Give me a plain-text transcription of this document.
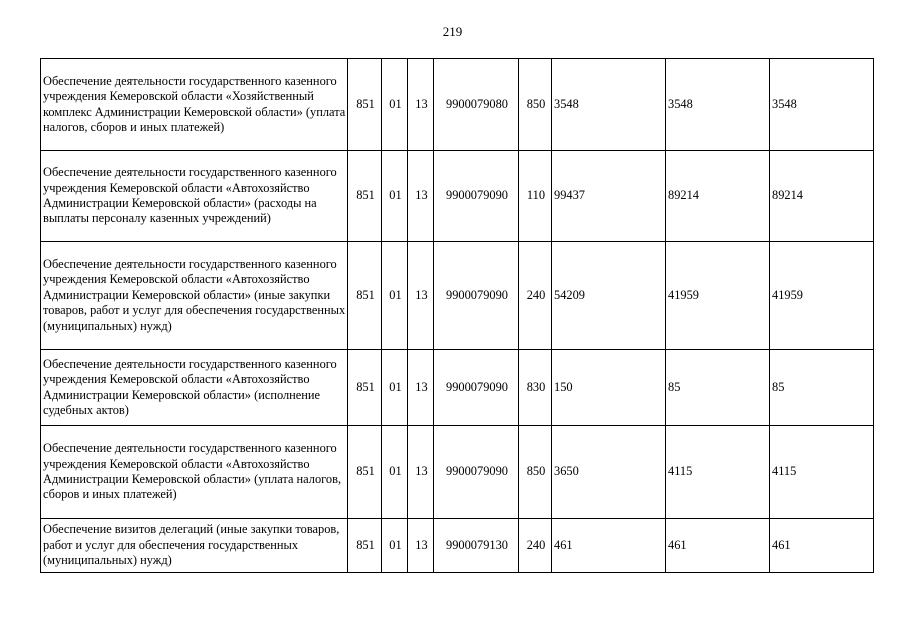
219
Обеспечение деятельности государственного казенного учреждения Кемеровской области «Хозяйственный комплекс Администрации Кемеровской области» (уплата налогов, сборов и иных платежей)	851	01	13	9900079080	850	3548	3548	3548
Обеспечение деятельности государственного казенного учреждения Кемеровской области «Автохозяйство Администрации Кемеровской области» (расходы на выплаты персоналу казенных учреждений)	851	01	13	9900079090	110	99437	89214	89214
Обеспечение деятельности государственного казенного учреждения Кемеровской области «Автохозяйство Администрации Кемеровской области» (иные закупки товаров, работ и услуг для обеспечения государственных (муниципальных) нужд)	851	01	13	9900079090	240	54209	41959	41959
Обеспечение деятельности государственного казенного учреждения Кемеровской области «Автохозяйство Администрации Кемеровской области» (исполнение судебных актов)	851	01	13	9900079090	830	150	85	85
Обеспечение деятельности государственного казенного учреждения Кемеровской области «Автохозяйство Администрации Кемеровской области» (уплата налогов, сборов и иных платежей)	851	01	13	9900079090	850	3650	4115	4115
Обеспечение визитов делегаций (иные закупки товаров, работ и услуг для обеспечения государственных (муниципальных) нужд)	851	01	13	9900079130	240	461	461	461
